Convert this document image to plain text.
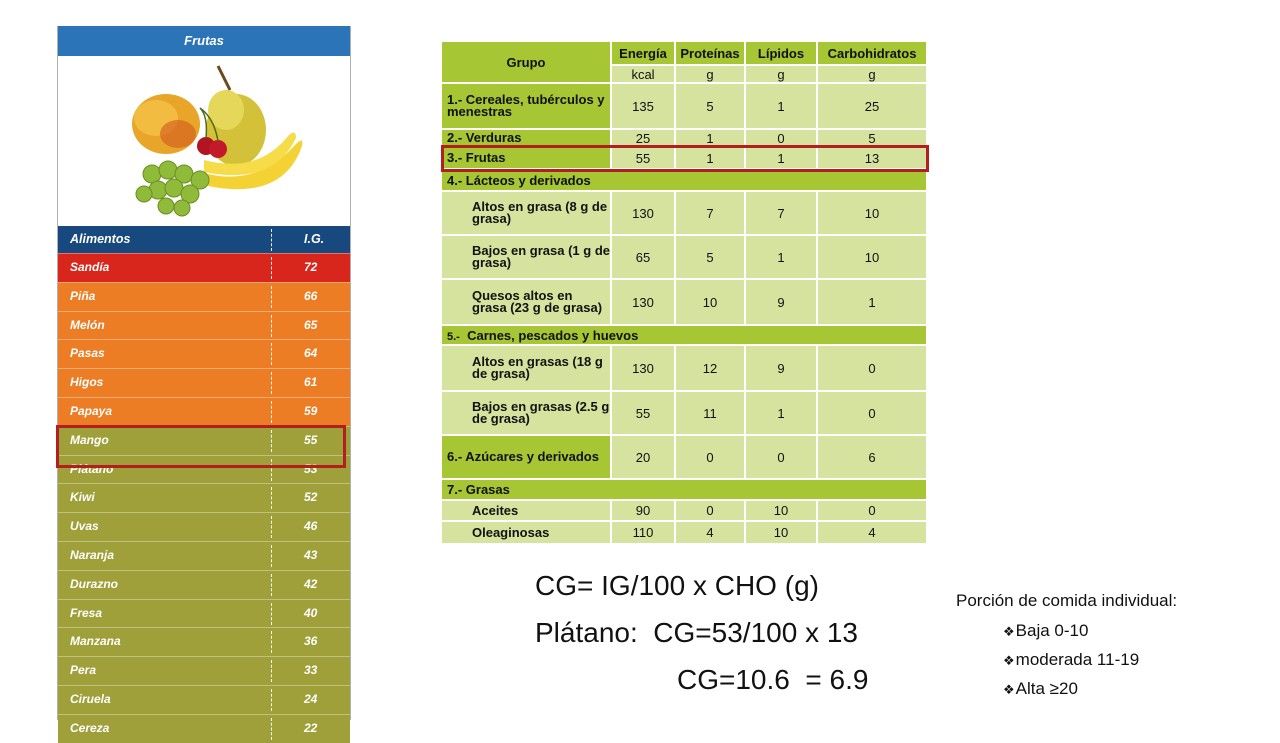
Frutas
Alimentos	I.G.
Sandía	72
Piña	66
Melón	65
Pasas	64
Higos	61
Papaya	59
Mango	55
Plátano	53
Kiwi	52
Uvas	46
Naranja	43
Durazno	42
Fresa	40
Manzana	36
Pera	33
Ciruela	24
Cereza	22
Grupo	Energía	Proteínas	Lípidos	Carbohidratos
	kcal	g	g	g
1.- Cereales, tubérculos y menestras	135	5	1	25
2.- Verduras	25	1	0	5
3.- Frutas	55	1	1	13
4.- Lácteos y derivados				
Altos en grasa (8 g de grasa)	130	7	7	10
Bajos en grasa (1 g de grasa)	65	5	1	10
Quesos altos en grasa (23 g de grasa)	130	10	9	1
5.- Carnes, pescados y huevos				
Altos en grasas (18 g de grasa)	130	12	9	0
Bajos en grasas (2.5 g de grasa)	55	11	1	0
6.- Azúcares y derivados	20	0	0	6
7.- Grasas				
Aceites	90	0	10	0
Oleaginosas	110	4	10	4
CG= IG/100 x CHO (g)
Plátano:  CG=53/100 x 13
CG=10.6  = 6.9
Porción de comida individual:
❖Baja 0-10
❖moderada 11-19
❖Alta ≥20
